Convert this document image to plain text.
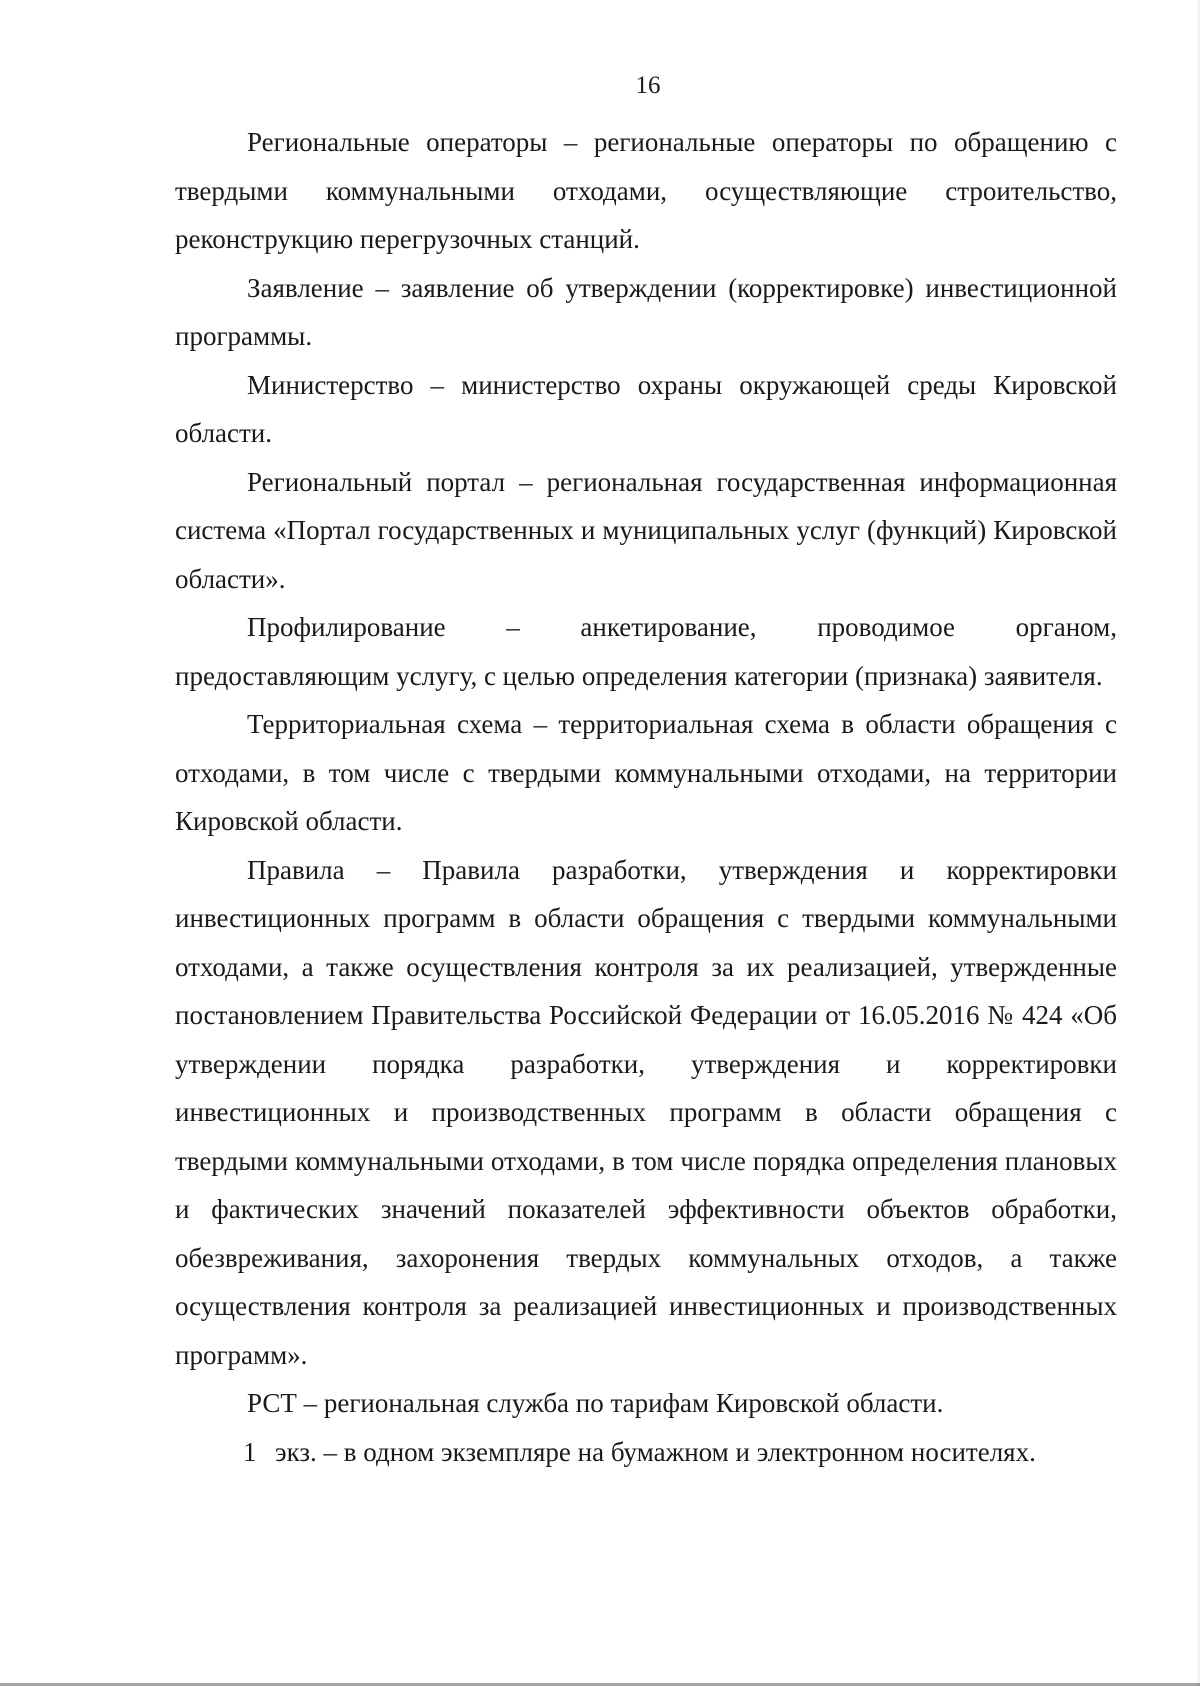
16

Региональные операторы – региональные операторы по обращению с твердыми коммунальными отходами, осуществляющие строительство, реконструкцию перегрузочных станций.

Заявление – заявление об утверждении (корректировке) инвестиционной программы.

Министерство – министерство охраны окружающей среды Кировской области.

Региональный портал – региональная государственная информационная система «Портал государственных и муниципальных услуг (функций) Кировской области».

Профилирование – анкетирование, проводимое органом, предоставляющим услугу, с целью определения категории (признака) заявителя.

Территориальная схема – территориальная схема в области обращения с отходами, в том числе с твердыми коммунальными отходами, на территории Кировской области.

Правила – Правила разработки, утверждения и корректировки инвестиционных программ в области обращения с твердыми коммунальными отходами, а также осуществления контроля за их реализацией, утвержденные постановлением Правительства Российской Федерации от 16.05.2016 № 424 «Об утверждении порядка разработки, утверждения и корректировки инвестиционных и производственных программ в области обращения с твердыми коммунальными отходами, в том числе порядка определения плановых и фактических значений показателей эффективности объектов обработки, обезвреживания, захоронения твердых коммунальных отходов, а также осуществления контроля за реализацией инвестиционных и производственных программ».

РСТ – региональная служба по тарифам Кировской области.

1 экз. – в одном экземпляре на бумажном и электронном носителях.
